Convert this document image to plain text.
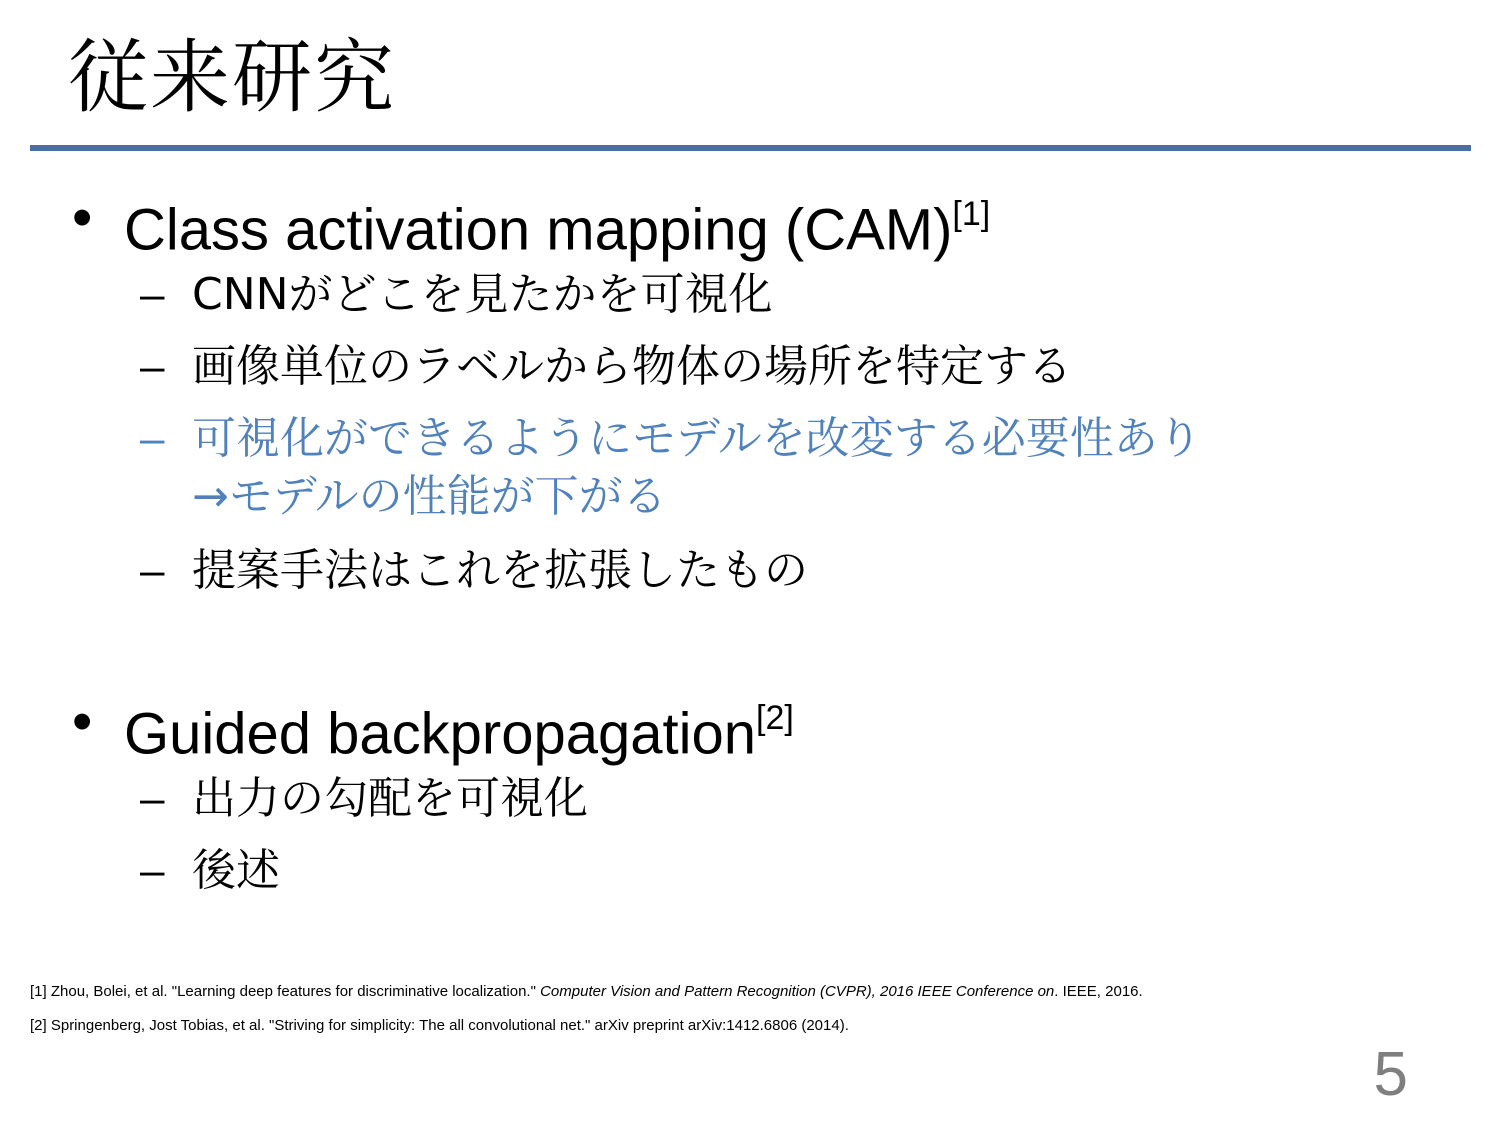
従来研究
• Class activation mapping (CAM)[1]
– CNNがどこを見たかを可視化
– 画像単位のラベルから物体の場所を特定する
– 可視化ができるようにモデルを改変する必要性あり
→モデルの性能が下がる
– 提案手法はこれを拡張したもの
• Guided backpropagation[2]
– 出力の勾配を可視化
– 後述
[1] Zhou, Bolei, et al. "Learning deep features for discriminative localization." Computer Vision and Pattern Recognition (CVPR), 2016 IEEE Conference on. IEEE, 2016.
[2] Springenberg, Jost Tobias, et al. "Striving for simplicity: The all convolutional net." arXiv preprint arXiv:1412.6806 (2014).
5
